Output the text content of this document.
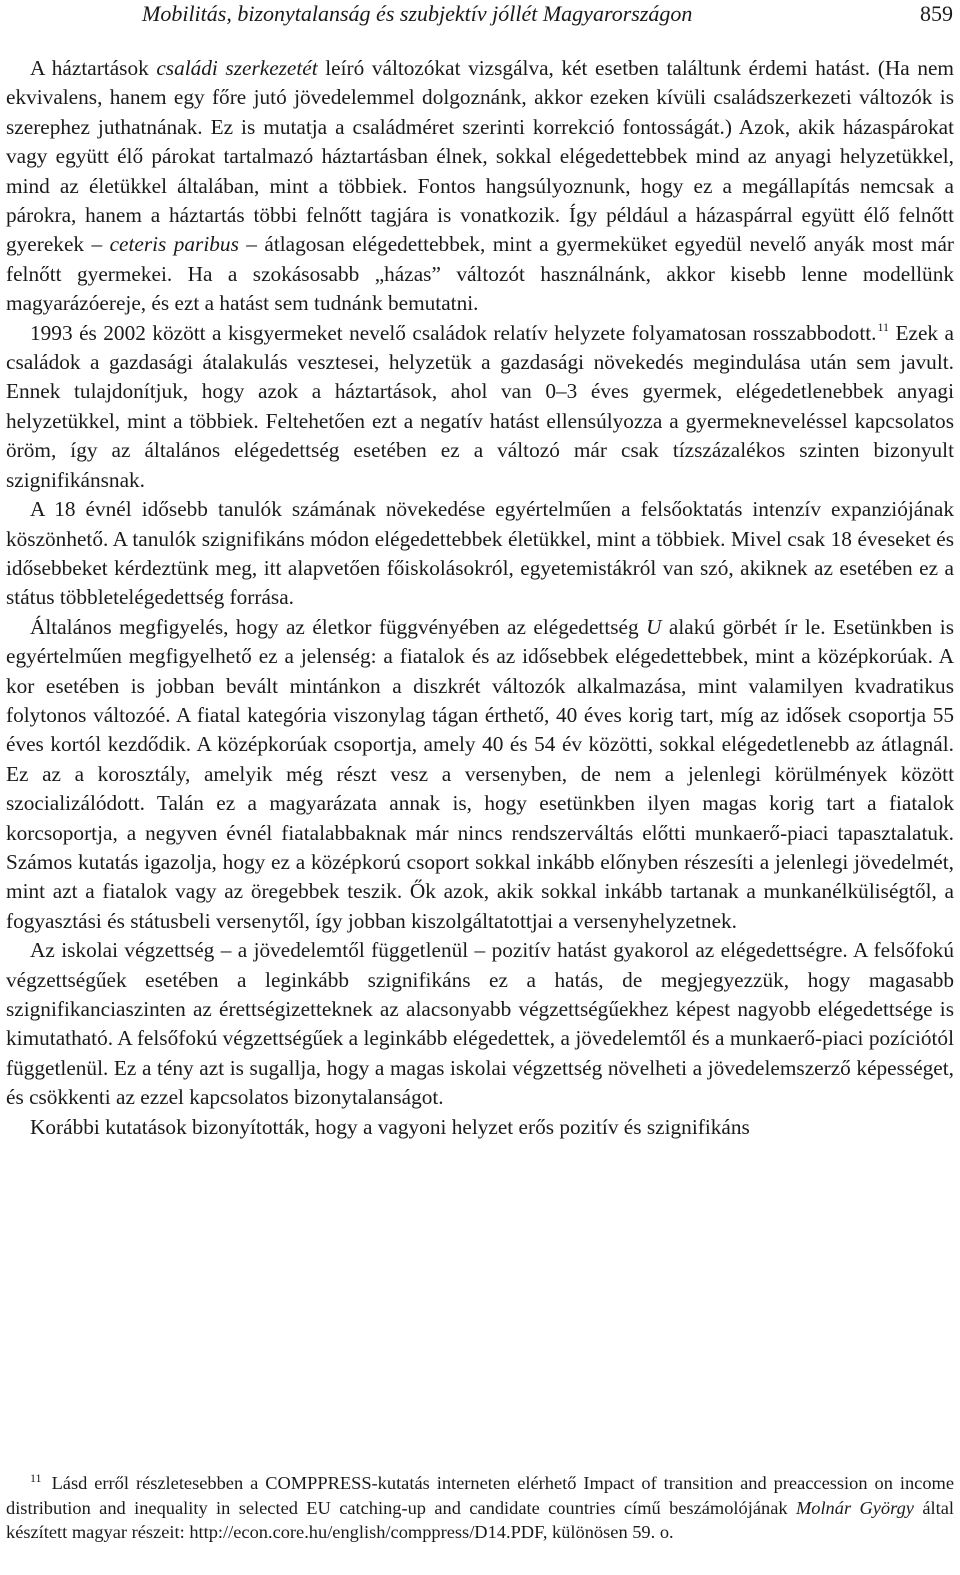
Mobilitás, bizonytalanság és szubjektív jóllét Magyarországon	859

A háztartások családi szerkezetét leíró változókat vizsgálva, két esetben találtunk érdemi hatást. (Ha nem ekvivalens, hanem egy főre jutó jövedelemmel dolgoznánk, akkor ezeken kívüli családszerkezeti változók is szerephez juthatnának. Ez is mutatja a családméret szerinti korrekció fontosságát.) Azok, akik házaspárokat vagy együtt élő párokat tartalmazó háztartásban élnek, sokkal elégedettebbek mind az anyagi helyzetükkel, mind az életükkel általában, mint a többiek. Fontos hangsúlyoznunk, hogy ez a megállapítás nemcsak a párokra, hanem a háztartás többi felnőtt tagjára is vonatkozik. Így például a házaspárral együtt élő felnőtt gyerekek – ceteris paribus – átlagosan elégedettebbek, mint a gyermeküket egyedül nevelő anyák most már felnőtt gyermekei. Ha a szokásosabb „házas” változót használnánk, akkor kisebb lenne modellünk magyarázóereje, és ezt a hatást sem tudnánk bemutatni.

1993 és 2002 között a kisgyermeket nevelő családok relatív helyzete folyamatosan rosszabbodott.$^{11}$ Ezek a családok a gazdasági átalakulás vesztesei, helyzetük a gazdasági növekedés megindulása után sem javult. Ennek tulajdonítjuk, hogy azok a háztartások, ahol van 0–3 éves gyermek, elégedetlenebbek anyagi helyzetükkel, mint a többiek. Feltehetően ezt a negatív hatást ellensúlyozza a gyermekneveléssel kapcsolatos öröm, így az általános elégedettség esetében ez a változó már csak tízszázalékos szinten bizonyult szignifikánsnak.

A 18 évnél idősebb tanulók számának növekedése egyértelműen a felsőoktatás intenzív expanziójának köszönhető. A tanulók szignifikáns módon elégedettebbek életükkel, mint a többiek. Mivel csak 18 éveseket és idősebbeket kérdeztünk meg, itt alapvetően főiskolásokról, egyetemistákról van szó, akiknek az esetében ez a státus többletelégedettség forrása.

Általános megfigyelés, hogy az életkor függvényében az elégedettség U alakú görbét ír le. Esetünkben is egyértelműen megfigyelhető ez a jelenség: a fiatalok és az idősebbek elégedettebbek, mint a középkorúak. A kor esetében is jobban bevált mintánkon a diszkrét változók alkalmazása, mint valamilyen kvadratikus folytonos változóé. A fiatal kategória viszonylag tágan érthető, 40 éves korig tart, míg az idősek csoportja 55 éves kortól kezdődik. A középkorúak csoportja, amely 40 és 54 év közötti, sokkal elégedetlenebb az átlagnál. Ez az a korosztály, amelyik még részt vesz a versenyben, de nem a jelenlegi körülmények között szocializálódott. Talán ez a magyarázata annak is, hogy esetünkben ilyen magas korig tart a fiatalok korcsoportja, a negyven évnél fiatalabbaknak már nincs rendszerváltás előtti munkaerő-piaci tapasztalatuk. Számos kutatás igazolja, hogy ez a középkorú csoport sokkal inkább előnyben részesíti a jelenlegi jövedelmét, mint azt a fiatalok vagy az öregebbek teszik. Ők azok, akik sokkal inkább tartanak a munkanélküliségtől, a fogyasztási és státusbeli versenytől, így jobban kiszolgáltatottjai a versenyhelyzetnek.

Az iskolai végzettség – a jövedelemtől függetlenül – pozitív hatást gyakorol az elégedettségre. A felsőfokú végzettségűek esetében a leginkább szignifikáns ez a hatás, de megjegyezzük, hogy magasabb szignifikanciaszinten az érettségizetteknek az alacsonyabb végzettségűekhez képest nagyobb elégedettsége is kimutatható. A felsőfokú végzettségűek a leginkább elégedettek, a jövedelemtől és a munkaerő-piaci pozíciótól függetlenül. Ez a tény azt is sugallja, hogy a magas iskolai végzettség növelheti a jövedelemszerző képességet, és csökkenti az ezzel kapcsolatos bizonytalanságot.

Korábbi kutatások bizonyították, hogy a vagyoni helyzet erős pozitív és szignifikáns

$^{11}$ Lásd erről részletesebben a COMPPRESS-kutatás interneten elérhető Impact of transition and preaccession on income distribution and inequality in selected EU catching-up and candidate countries című beszámolójának Molnár György által készített magyar részeit: http://econ.core.hu/english/comppress/D14.PDF, különösen 59. o.
